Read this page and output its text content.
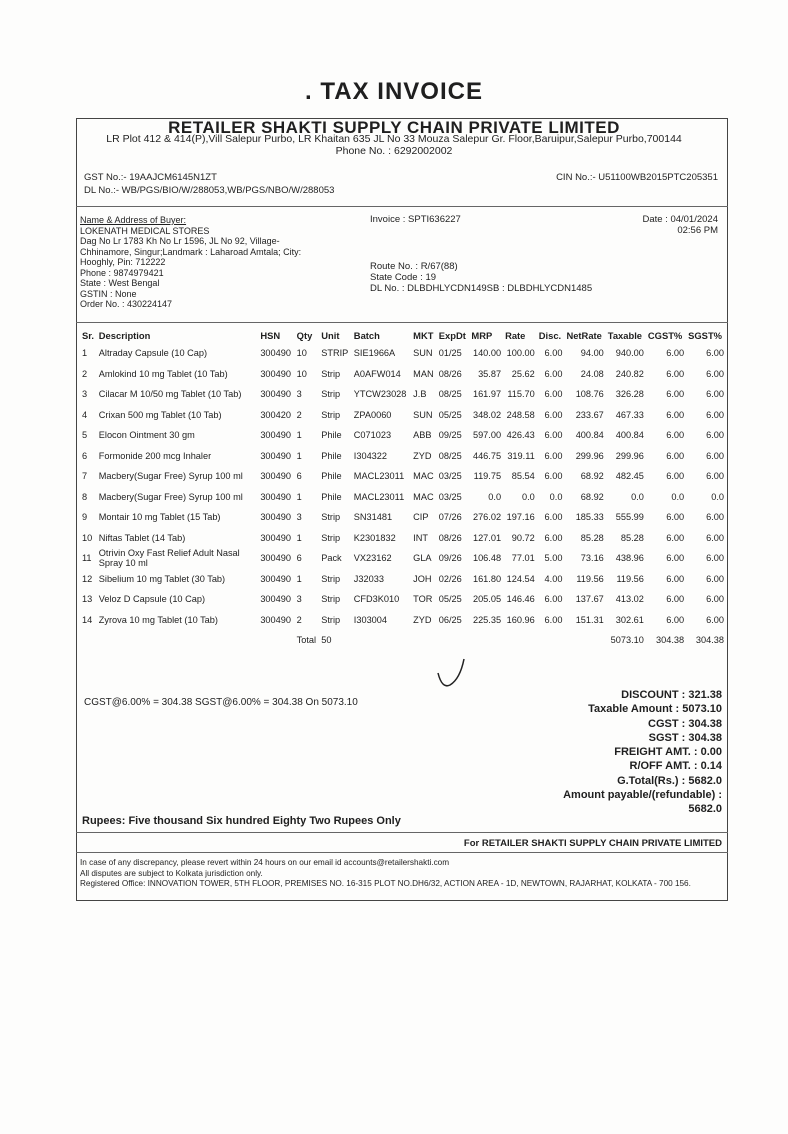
. TAX INVOICE
RETAILER SHAKTI SUPPLY CHAIN PRIVATE LIMITED
LR Plot 412 & 414(P),Vill Salepur Purbo, LR Khaitan 635 JL No 33 Mouza Salepur Gr. Floor,Baruipur,Salepur Purbo,700144
Phone No. : 6292002002
GST No.:- 19AAJCM6145N1ZT
DL No.:- WB/PGS/BIO/W/288053,WB/PGS/NBO/W/288053
CIN No.:- U51100WB2015PTC205351
Name & Address of Buyer:
LOKENATH MEDICAL STORES
Dag No Lr 1783 Kh No Lr 1596, JL No 92, Village-
Chhinamore, Singur;Landmark : Laharoad Amtala; City:
Hooghly, Pin: 712222
Phone : 9874979421
State : West Bengal
GSTIN : None
Order No. : 430224147
Invoice : SPTI636227	Date : 04/01/2024
02:56 PM
Route No. : R/67(88)
State Code : 19
DL No. : DLBDHLYCDN149SB : DLBDHLYCDN1485
Sr.	Description	HSN	Qty	Unit	Batch	MKT	ExpDt	MRP	Rate	Disc.	NetRate	Taxable	CGST%	SGST%
1	Altraday Capsule (10 Cap)	300490	10	STRIP	SIE1966A	SUN	01/25	140.00	100.00	6.00	94.00	940.00	6.00	6.00
2	Amlokind 10 mg Tablet (10 Tab)	300490	10	Strip	A0AFW014	MAN	08/26	35.87	25.62	6.00	24.08	240.82	6.00	6.00
3	Cilacar M 10/50 mg Tablet (10 Tab)	300490	3	Strip	YTCW23028	J.B	08/25	161.97	115.70	6.00	108.76	326.28	6.00	6.00
4	Crixan 500 mg Tablet (10 Tab)	300420	2	Strip	ZPA0060	SUN	05/25	348.02	248.58	6.00	233.67	467.33	6.00	6.00
5	Elocon Ointment 30 gm	300490	1	Phile	C071023	ABB	09/25	597.00	426.43	6.00	400.84	400.84	6.00	6.00
6	Formonide 200 mcg Inhaler	300490	1	Phile	I304322	ZYD	08/25	446.75	319.11	6.00	299.96	299.96	6.00	6.00
7	Macbery(Sugar Free) Syrup 100 ml	300490	6	Phile	MACL23011	MAC	03/25	119.75	85.54	6.00	68.92	482.45	6.00	6.00
8	Macbery(Sugar Free) Syrup 100 ml	300490	1	Phile	MACL23011	MAC	03/25	0.0	0.0	0.0	68.92	0.0	0.0	0.0
9	Montair 10 mg Tablet (15 Tab)	300490	3	Strip	SN31481	CIP	07/26	276.02	197.16	6.00	185.33	555.99	6.00	6.00
10	Niftas Tablet (14 Tab)	300490	1	Strip	K2301832	INT	08/26	127.01	90.72	6.00	85.28	85.28	6.00	6.00
11	Otrivin Oxy Fast Relief Adult Nasal Spray 10 ml	300490	6	Pack	VX23162	GLA	09/26	106.48	77.01	5.00	73.16	438.96	6.00	6.00
12	Sibelium 10 mg Tablet (30 Tab)	300490	1	Strip	J32033	JOH	02/26	161.80	124.54	4.00	119.56	119.56	6.00	6.00
13	Veloz D Capsule (10 Cap)	300490	3	Strip	CFD3K010	TOR	05/25	205.05	146.46	6.00	137.67	413.02	6.00	6.00
14	Zyrova 10 mg Tablet (10 Tab)	300490	2	Strip	I303004	ZYD	06/25	225.35	160.96	6.00	151.31	302.61	6.00	6.00
			Total	50								5073.10	304.38	304.38
CGST@6.00% = 304.38 SGST@6.00% = 304.38 On 5073.10
DISCOUNT : 321.38
Taxable Amount : 5073.10
CGST : 304.38
SGST : 304.38
FREIGHT AMT. : 0.00
R/OFF AMT. : 0.14
G.Total(Rs.) : 5682.0
Amount payable/(refundable) :
5682.0
Rupees: Five thousand Six hundred Eighty Two Rupees Only
For RETAILER SHAKTI SUPPLY CHAIN PRIVATE LIMITED
In case of any discrepancy, please revert within 24 hours on our email id accounts@retailershakti.com
All disputes are subject to Kolkata jurisdiction only.
Registered Office: INNOVATION TOWER, 5TH FLOOR, PREMISES NO. 16-315 PLOT NO.DH6/32, ACTION AREA - 1D, NEWTOWN, RAJARHAT, KOLKATA - 700 156.
